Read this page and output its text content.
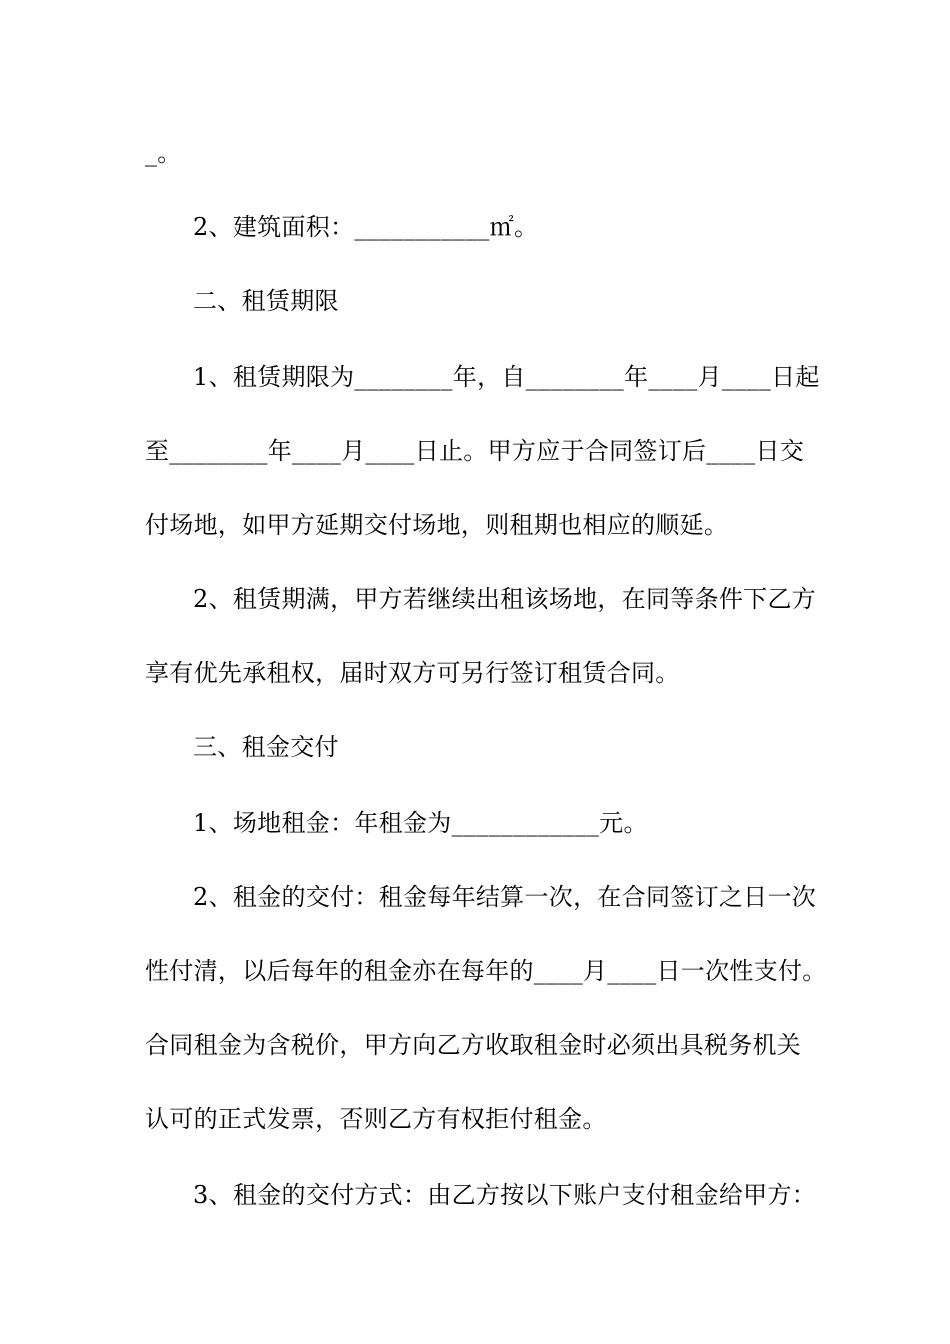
_。
2、建筑面积：___________㎡。
二、租赁期限
1、租赁期限为________年，自________年____月____日起
至________年____月____日止。甲方应于合同签订后____日交
付场地，如甲方延期交付场地，则租期也相应的顺延。
2、租赁期满，甲方若继续出租该场地，在同等条件下乙方
享有优先承租权，届时双方可另行签订租赁合同。
三、租金交付
1、场地租金：年租金为____________元。
2、租金的交付：租金每年结算一次，在合同签订之日一次
性付清，以后每年的租金亦在每年的____月____日一次性支付。
合同租金为含税价，甲方向乙方收取租金时必须出具税务机关
认可的正式发票，否则乙方有权拒付租金。
3、租金的交付方式：由乙方按以下账户支付租金给甲方：
